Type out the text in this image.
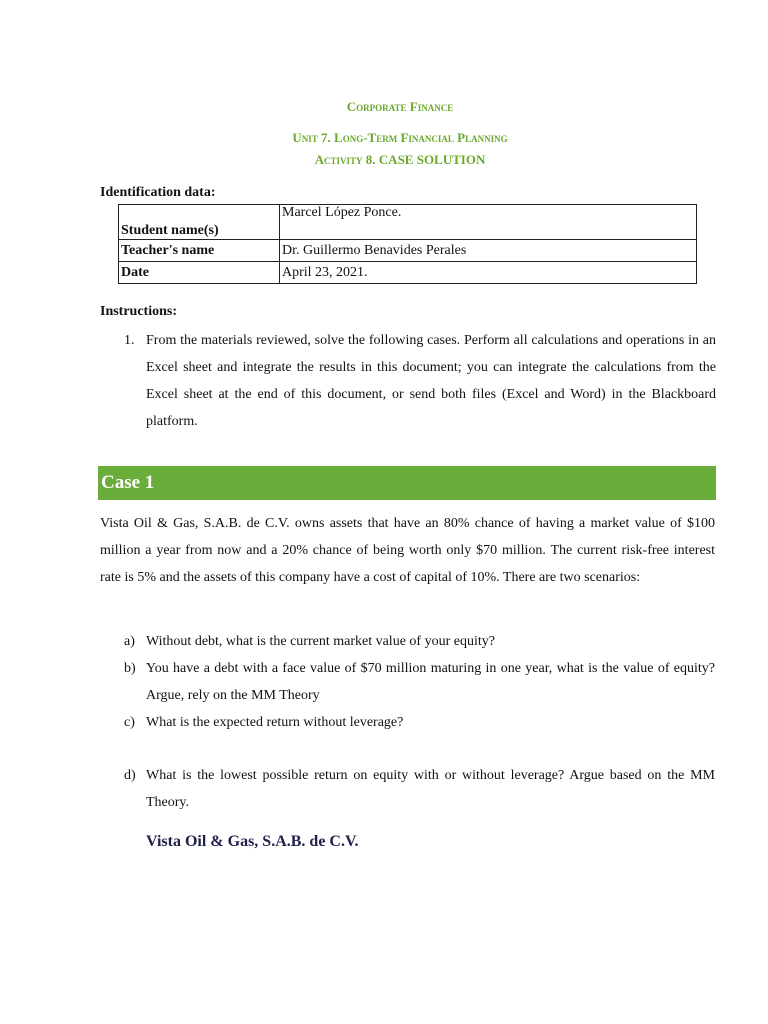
Corporate Finance
Unit 7. Long-Term Financial Planning
Activity 8. CASE SOLUTION
Identification data:
Student name(s)	Marcel López Ponce.
Teacher's name	Dr. Guillermo Benavides Perales
Date	April 23, 2021.
Instructions:
1. From the materials reviewed, solve the following cases. Perform all calculations and operations in an Excel sheet and integrate the results in this document; you can integrate the calculations from the Excel sheet at the end of this document, or send both files (Excel and Word) in the Blackboard platform.
Case 1
Vista Oil & Gas, S.A.B. de C.V. owns assets that have an 80% chance of having a market value of $100 million a year from now and a 20% chance of being worth only $70 million. The current risk-free interest rate is 5% and the assets of this company have a cost of capital of 10%. There are two scenarios:
a) Without debt, what is the current market value of your equity?
b) You have a debt with a face value of $70 million maturing in one year, what is the value of equity? Argue, rely on the MM Theory
c) What is the expected return without leverage?
d) What is the lowest possible return on equity with or without leverage? Argue based on the MM Theory.
Vista Oil & Gas, S.A.B. de C.V.
